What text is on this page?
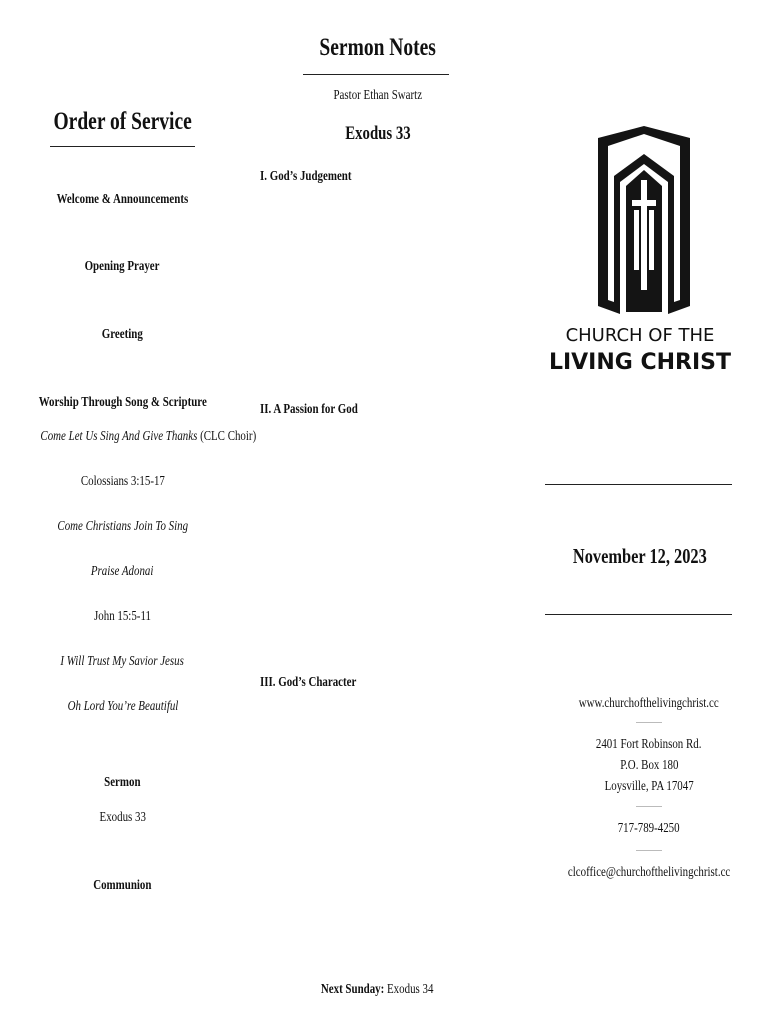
Order of Service
Welcome & Announcements
Opening Prayer
Greeting
Worship Through Song & Scripture
Come Let Us Sing And Give Thanks (CLC Choir)
Colossians 3:15-17
Come Christians Join To Sing
Praise Adonai
John 15:5-11
I Will Trust My Savior Jesus
Oh Lord You’re Beautiful
Sermon
Exodus 33
Communion
Sermon Notes
Pastor Ethan Swartz
Exodus 33
I. God’s Judgement
II. A Passion for God
III. God’s Character
Next Sunday: Exodus 34
CHURCH OF THE
LIVING CHRIST
November 12, 2023
www.churchofthelivingchrist.cc
2401 Fort Robinson Rd.
P.O. Box 180
Loysville, PA 17047
717-789-4250
clcoffice@churchofthelivingchrist.cc
